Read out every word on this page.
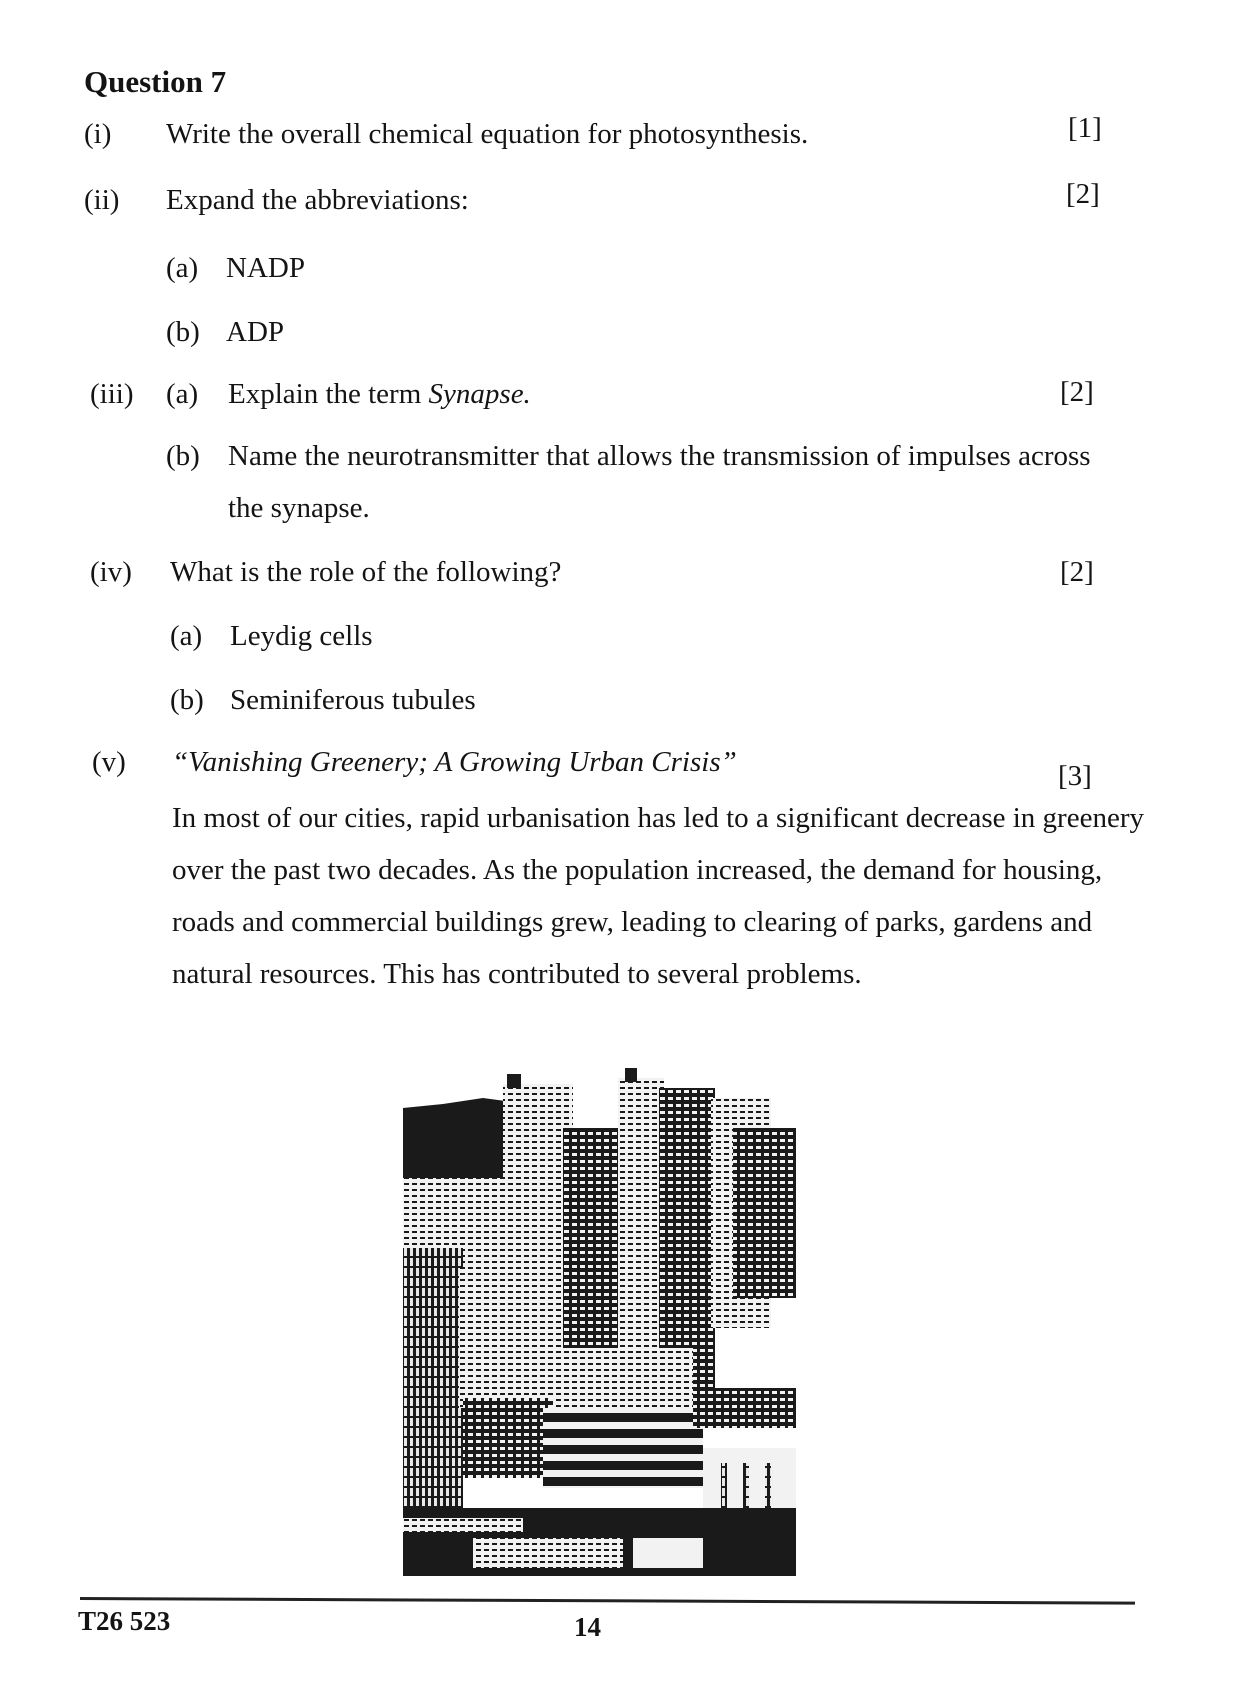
Question 7
(i) Write the overall chemical equation for photosynthesis.	[1]
(ii) Expand the abbreviations:	[2]
(a) NADP
(b) ADP
(iii) (a) Explain the term Synapse.	[2]
(b) Name the neurotransmitter that allows the transmission of impulses across
the synapse.
(iv) What is the role of the following?	[2]
(a) Leydig cells
(b) Seminiferous tubules
(v) “Vanishing Greenery; A Growing Urban Crisis”	[3]
In most of our cities, rapid urbanisation has led to a significant decrease in greenery
over the past two decades. As the population increased, the demand for housing,
roads and commercial buildings grew, leading to clearing of parks, gardens and
natural resources. This has contributed to several problems.
T26 523	14
